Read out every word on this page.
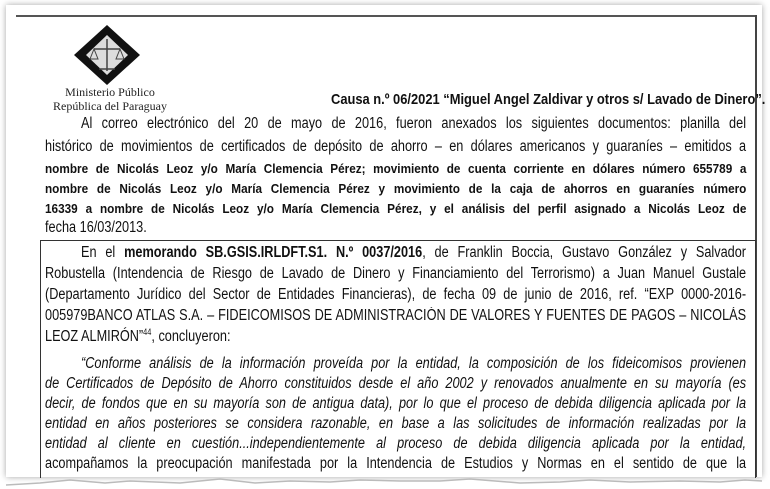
Ministerio Público
República del Paraguay	Causa n.º 06/2021 “Miguel Angel Zaldivar y otros s/ Lavado de Dinero”.
Al correo electrónico del 20 de mayo de 2016, fueron anexados los siguientes documentos: planilla del
histórico de movimientos de certificados de depósito de ahorro – en dólares americanos y guaraníes – emitidos a
nombre de Nicolás Leoz y/o María Clemencia Pérez; movimiento de cuenta corriente en dólares número 655789 a
nombre de Nicolás Leoz y/o María Clemencia Pérez y movimiento de la caja de ahorros en guaraníes número
16339 a nombre de Nicolás Leoz y/o María Clemencia Pérez, y el análisis del perfil asignado a Nicolás Leoz de
fecha 16/03/2013.
En el memorando SB.GSIS.IRLDFT.S1. N.º 0037/2016, de Franklin Boccia, Gustavo González y Salvador
Robustella (Intendencia de Riesgo de Lavado de Dinero y Financiamiento del Terrorismo) a Juan Manuel Gustale
(Departamento Jurídico del Sector de Entidades Financieras), de fecha 09 de junio de 2016, ref. “EXP 0000-2016-
005979BANCO ATLAS S.A. – FIDEICOMISOS DE ADMINISTRACIÓN DE VALORES Y FUENTES DE PAGOS – NICOLÁS
LEOZ ALMIRÓN”$^{44}$, concluyeron:
“Conforme análisis de la información proveída por la entidad, la composición de los fideicomisos provienen
de Certificados de Depósito de Ahorro constituidos desde el año 2002 y renovados anualmente en su mayoría (es
decir, de fondos que en su mayoría son de antigua data), por lo que el proceso de debida diligencia aplicada por la
entidad en años posteriores se considera razonable, en base a las solicitudes de información realizadas por la
entidad al cliente en cuestión...independientemente al proceso de debida diligencia aplicada por la entidad,
acompañamos la preocupación manifestada por la Intendencia de Estudios y Normas en el sentido de que la
